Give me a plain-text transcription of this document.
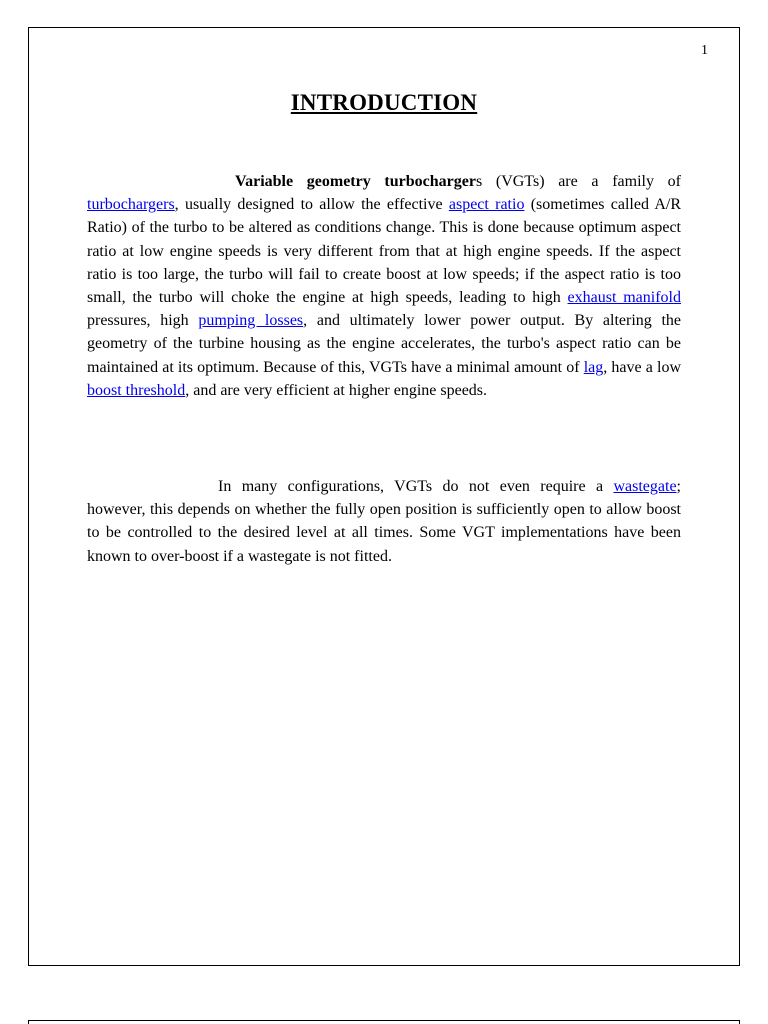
1
INTRODUCTION

Variable geometry turbochargers (VGTs) are a family of turbochargers, usually designed to allow the effective aspect ratio (sometimes called A/R Ratio) of the turbo to be altered as conditions change. This is done because optimum aspect ratio at low engine speeds is very different from that at high engine speeds. If the aspect ratio is too large, the turbo will fail to create boost at low speeds; if the aspect ratio is too small, the turbo will choke the engine at high speeds, leading to high exhaust manifold pressures, high pumping losses, and ultimately lower power output. By altering the geometry of the turbine housing as the engine accelerates, the turbo's aspect ratio can be maintained at its optimum. Because of this, VGTs have a minimal amount of lag, have a low boost threshold, and are very efficient at higher engine speeds.

In many configurations, VGTs do not even require a wastegate; however, this depends on whether the fully open position is sufficiently open to allow boost to be controlled to the desired level at all times. Some VGT implementations have been known to over-boost if a wastegate is not fitted.
